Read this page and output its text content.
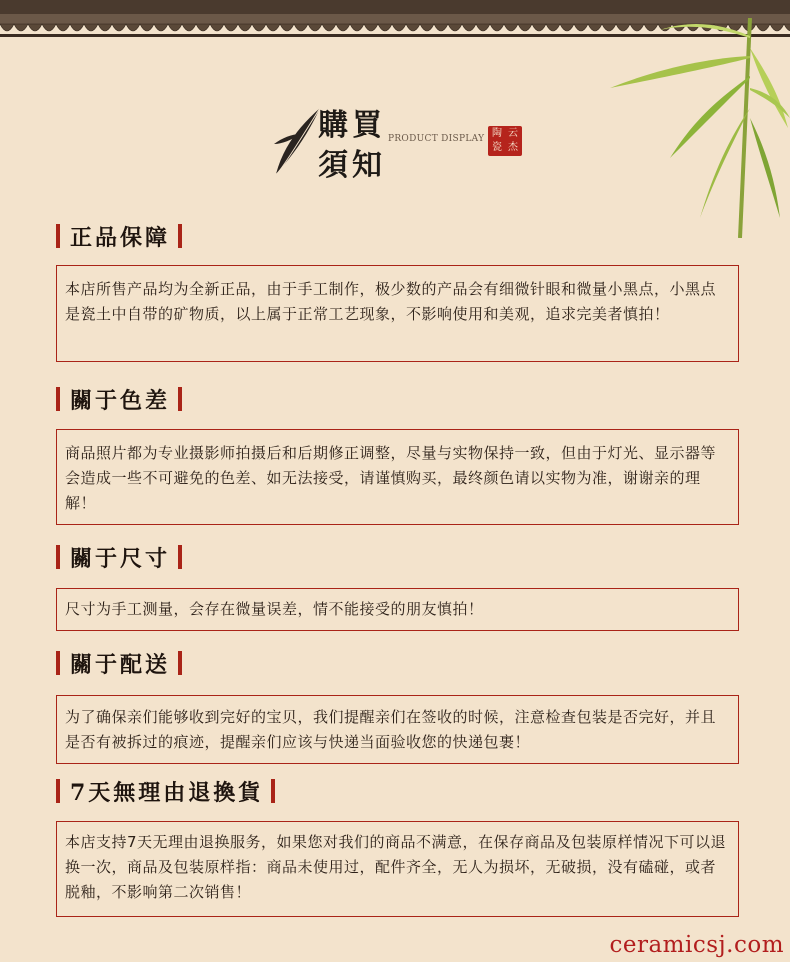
購買
須知
PRODUCT DISPLAY 陶 云
瓷 杰
正品保障
本店所售产品均为全新正品，由于手工制作，极少数的产品会有细微针眼和微量小黑点，小黑点是瓷土中自带的矿物质，以上属于正常工艺现象，不影响使用和美观，追求完美者慎拍！
關于色差
商品照片都为专业摄影师拍摄后和后期修正调整，尽量与实物保持一致，但由于灯光、显示器等会造成一些不可避免的色差、如无法接受，请谨慎购买，最终颜色请以实物为准，谢谢亲的理解！
關于尺寸
尺寸为手工测量，会存在微量误差，情不能接受的朋友慎拍！
關于配送
为了确保亲们能够收到完好的宝贝，我们提醒亲们在签收的时候，注意检查包装是否完好，并且是否有被拆过的痕迹，提醒亲们应该与快递当面验收您的快递包裹！
7天無理由退換貨
本店支持7天无理由退换服务，如果您对我们的商品不满意，在保存商品及包装原样情况下可以退换一次，商品及包装原样指：商品未使用过，配件齐全，无人为损坏，无破损，没有磕碰，或者脱釉，不影响第二次销售！
ceramicsj.com
